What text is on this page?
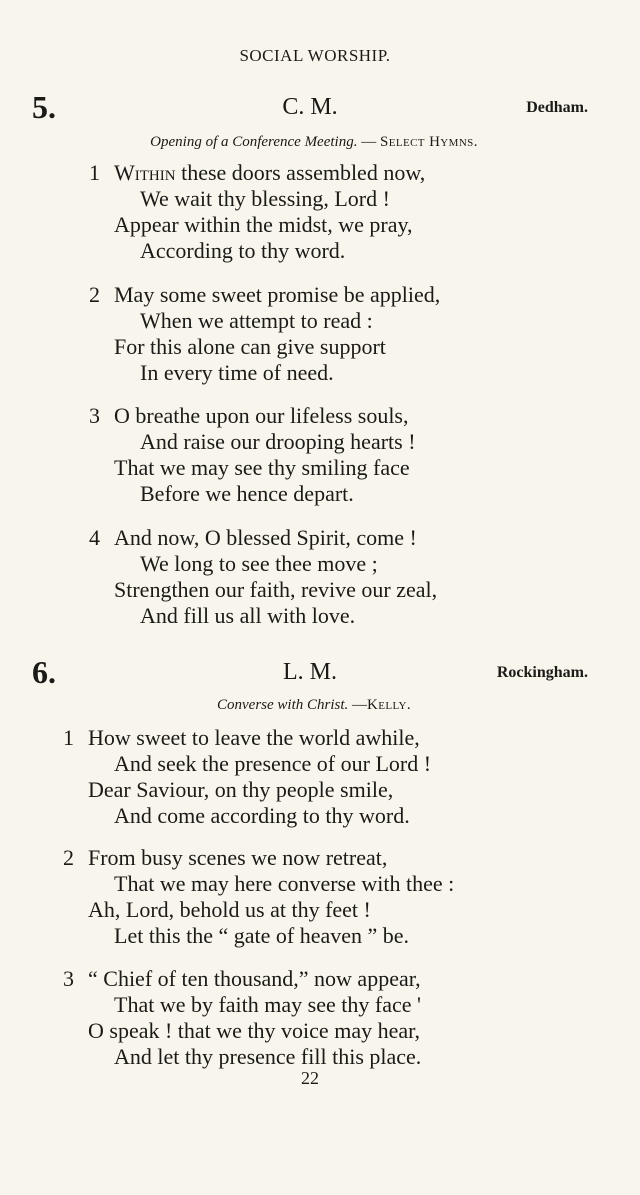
SOCIAL WORSHIP.
5.	C. M.	Dedham.
Opening of a Conference Meeting. — Select Hymns.
1 Within these doors assembled now,
We wait thy blessing, Lord !
Appear within the midst, we pray,
According to thy word.
2 May some sweet promise be applied,
When we attempt to read :
For this alone can give support
In every time of need.
3 O breathe upon our lifeless souls,
And raise our drooping hearts !
That we may see thy smiling face
Before we hence depart.
4 And now, O blessed Spirit, come !
We long to see thee move ;
Strengthen our faith, revive our zeal,
And fill us all with love.
6.	L. M.	Rockingham.
Converse with Christ. —Kelly.
1 How sweet to leave the world awhile,
And seek the presence of our Lord !
Dear Saviour, on thy people smile,
And come according to thy word.
2 From busy scenes we now retreat,
That we may here converse with thee :
Ah, Lord, behold us at thy feet !
Let this the “ gate of heaven ” be.
3 “ Chief of ten thousand,” now appear,
That we by faith may see thy face '
O speak ! that we thy voice may hear,
And let thy presence fill this place.
22
